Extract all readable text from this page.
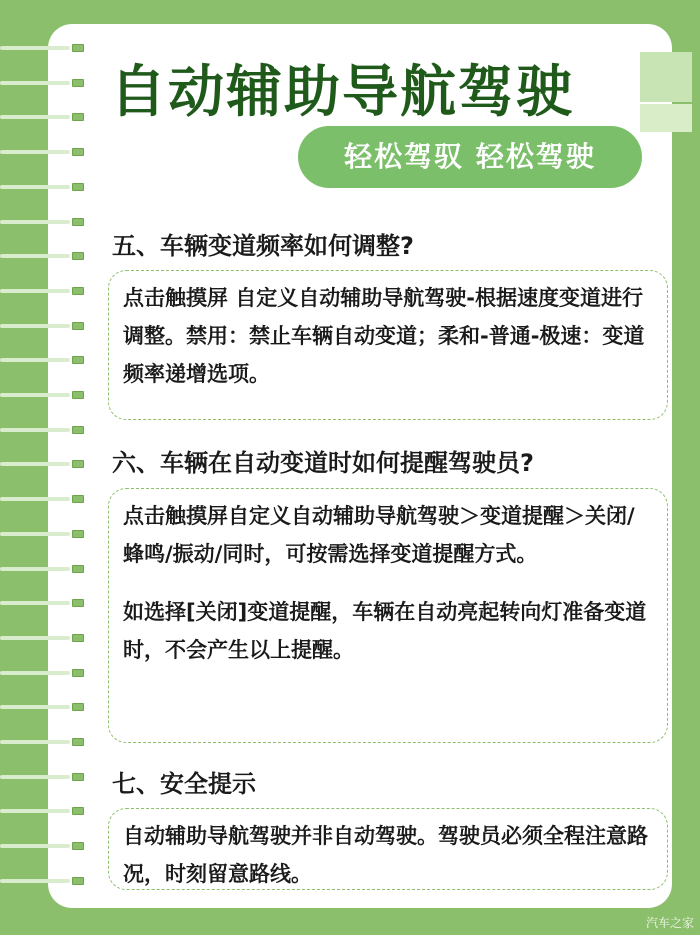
自动辅助导航驾驶
轻松驾驭 轻松驾驶
五、车辆变道频率如何调整?

点击触摸屏 自定义自动辅助导航驾驶-根据速度变道进行调整。禁用：禁止车辆自动变道；柔和-普通-极速：变道频率递增选项。

六、车辆在自动变道时如何提醒驾驶员?

点击触摸屏自定义自动辅助导航驾驶＞变道提醒＞关闭/蜂鸣/振动/同时，可按需选择变道提醒方式。

如选择[关闭]变道提醒，车辆在自动亮起转向灯准备变道时，不会产生以上提醒。

七、安全提示

自动辅助导航驾驶并非自动驾驶。驾驶员必须全程注意路况，时刻留意路线。

汽车之家
